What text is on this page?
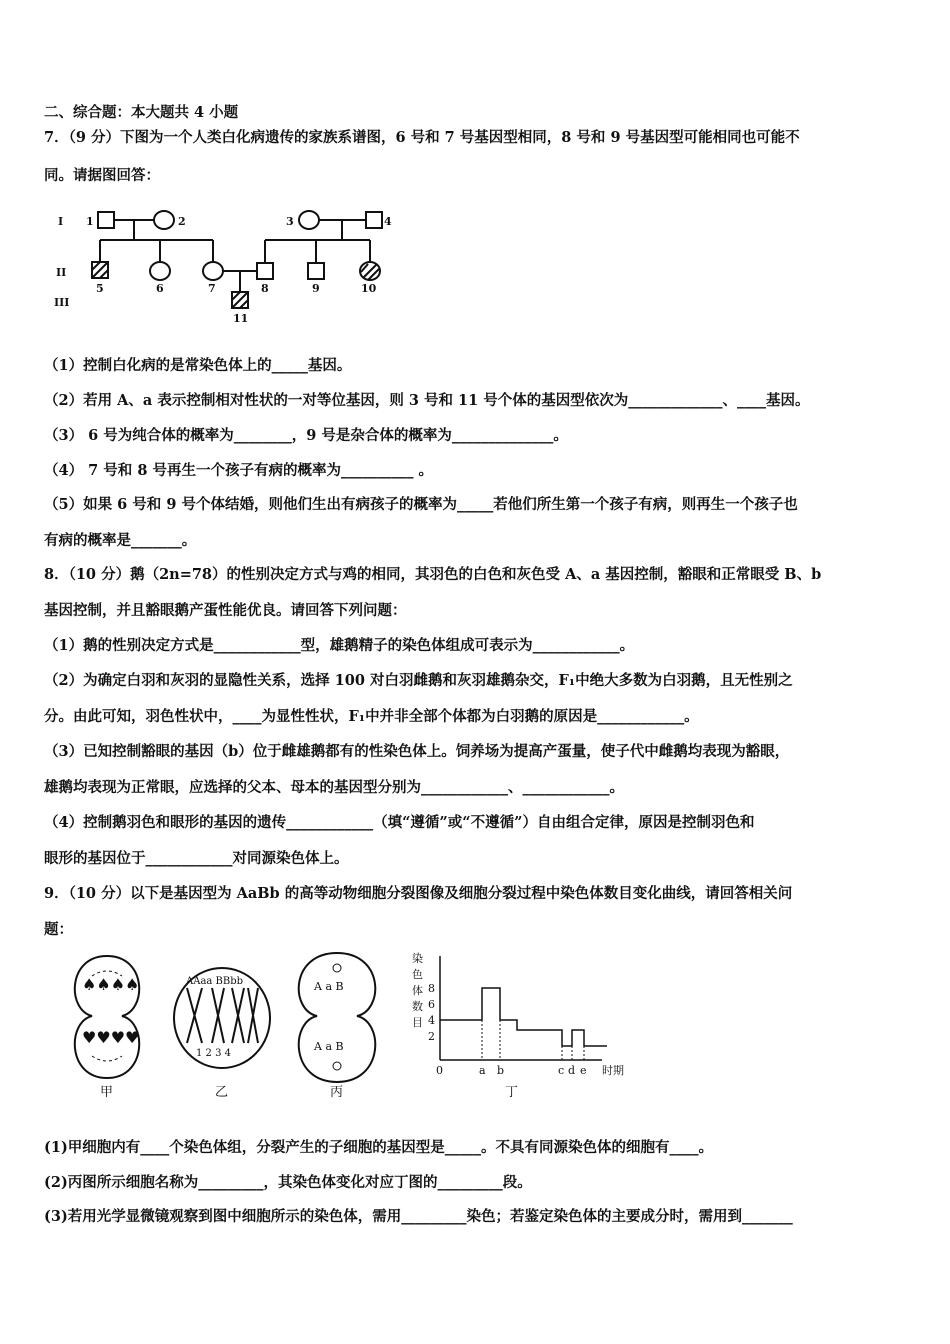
二、综合题：本大题共 4 小题
7．（9 分）下图为一个人类白化病遗传的家族系谱图，6 号和 7 号基因型相同，8 号和 9 号基因型可能相同也可能不
同。请据图回答：
I
II
III
1	2	3	4
5	6	7	8	9	10
11
（1）控制白化病的是常染色体上的_____基因。
（2）若用 A、a 表示控制相对性状的一对等位基因，则 3 号和 11 号个体的基因型依次为_____________、____基因。
（3） 6 号为纯合体的概率为________，9 号是杂合体的概率为______________。
（4） 7 号和 8 号再生一个孩子有病的概率为__________ 。
（5）如果 6 号和 9 号个体结婚，则他们生出有病孩子的概率为_____若他们所生第一个孩子有病，则再生一个孩子也
有病的概率是_______。
8．（10 分）鹅（2n=78）的性别决定方式与鸡的相同，其羽色的白色和灰色受 A、a 基因控制，豁眼和正常眼受 B、b
基因控制，并且豁眼鹅产蛋性能优良。请回答下列问题：
（1）鹅的性别决定方式是____________型，雄鹅精子的染色体组成可表示为____________。
（2）为确定白羽和灰羽的显隐性关系，选择 100 对白羽雌鹅和灰羽雄鹅杂交，F₁中绝大多数为白羽鹅，且无性别之
分。由此可知，羽色性状中，____为显性性状，F₁中并非全部个体都为白羽鹅的原因是____________。
（3）已知控制豁眼的基因（b）位于雌雄鹅都有的性染色体上。饲养场为提高产蛋量，使子代中雌鹅均表现为豁眼，
雄鹅均表现为正常眼，应选择的父本、母本的基因型分别为____________、____________。
（4）控制鹅羽色和眼形的基因的遗传____________（填“遵循”或“不遵循”）自由组合定律，原因是控制羽色和
眼形的基因位于____________对同源染色体上。
9．（10 分）以下是基因型为 AaBb 的高等动物细胞分裂图像及细胞分裂过程中染色体数目变化曲线，请回答相关问
题：
♠♠♠♠
♥♥♥♥
AAaa BBbb
1 2 3 4
A a B
A a B
甲	乙	丙	丁
染
色
体
数
目
8
6
4
2
0	a b	c d e 时期
(1)甲细胞内有____个染色体组，分裂产生的子细胞的基因型是_____。不具有同源染色体的细胞有____。
(2)丙图所示细胞名称为_________，其染色体变化对应丁图的_________段。
(3)若用光学显微镜观察到图中细胞所示的染色体，需用_________染色；若鉴定染色体的主要成分时，需用到_______
